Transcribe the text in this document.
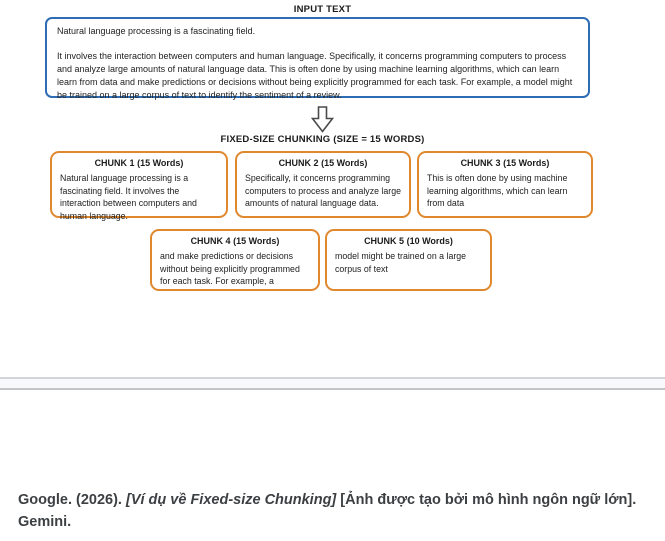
INPUT TEXT

Natural language processing is a fascinating field.

It involves the interaction between computers and human language. Specifically, it concerns programming computers to process and analyze large amounts of natural language data. This is often done by using machine learning algorithms, which can learn learn from data and make predictions or decisions without being explicitly programmed for each task. For example, a model might be trained on a large corpus of text to identify the sentiment of a review.

FIXED-SIZE CHUNKING (SIZE = 15 WORDS)
CHUNK 1 (15 Words)
Natural language processing is a fascinating field. It involves the interaction between computers and human language.
CHUNK 2 (15 Words)
Specifically, it concerns programming computers to process and analyze large amounts of natural language data.
CHUNK 3 (15 Words)
This is often done by using machine learning algorithms, which can learn from data
CHUNK 4 (15 Words)
and make predictions or decisions without being explicitly programmed for each task. For example, a
CHUNK 5 (10 Words)
model might be trained on a large corpus of text
Google. (2026). [Ví dụ về Fixed-size Chunking] [Ảnh được tạo bởi mô hình ngôn ngữ lớn]. Gemini.
